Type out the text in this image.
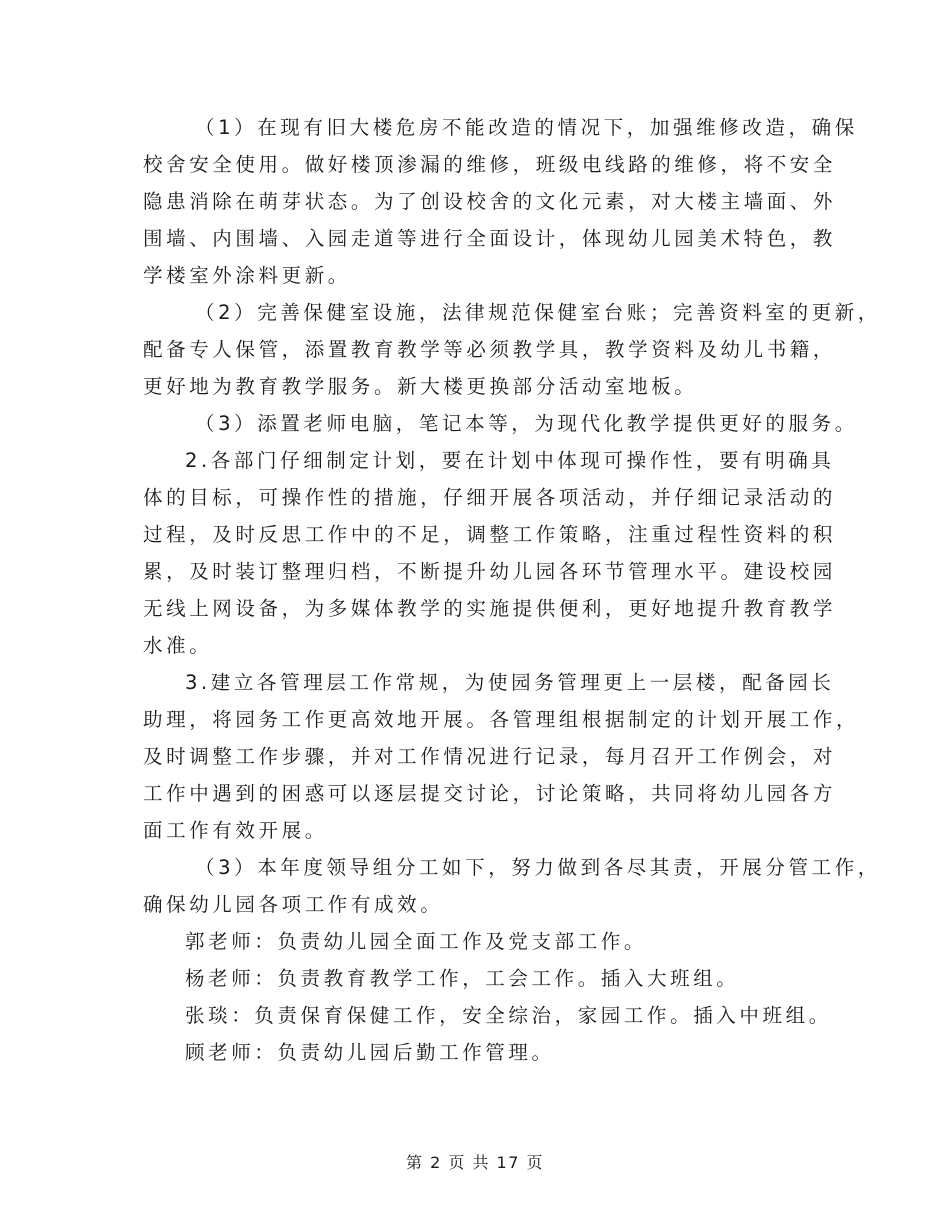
（1）在现有旧大楼危房不能改造的情况下，加强维修改造，确保
校舍安全使用。做好楼顶渗漏的维修，班级电线路的维修，将不安全
隐患消除在萌芽状态。为了创设校舍的文化元素，对大楼主墙面、外
围墙、内围墙、入园走道等进行全面设计，体现幼儿园美术特色，教
学楼室外涂料更新。
（2）完善保健室设施，法律规范保健室台账；完善资料室的更新，
配备专人保管，添置教育教学等必须教学具，教学资料及幼儿书籍，
更好地为教育教学服务。新大楼更换部分活动室地板。
（3）添置老师电脑，笔记本等，为现代化教学提供更好的服务。
2.各部门仔细制定计划，要在计划中体现可操作性，要有明确具
体的目标，可操作性的措施，仔细开展各项活动，并仔细记录活动的
过程，及时反思工作中的不足，调整工作策略，注重过程性资料的积
累，及时装订整理归档，不断提升幼儿园各环节管理水平。建设校园
无线上网设备，为多媒体教学的实施提供便利，更好地提升教育教学
水准。
3.建立各管理层工作常规，为使园务管理更上一层楼，配备园长
助理，将园务工作更高效地开展。各管理组根据制定的计划开展工作，
及时调整工作步骤，并对工作情况进行记录，每月召开工作例会，对
工作中遇到的困惑可以逐层提交讨论，讨论策略，共同将幼儿园各方
面工作有效开展。
（3）本年度领导组分工如下，努力做到各尽其责，开展分管工作，
确保幼儿园各项工作有成效。
郭老师：负责幼儿园全面工作及党支部工作。
杨老师：负责教育教学工作，工会工作。插入大班组。
张琰：负责保育保健工作，安全综治，家园工作。插入中班组。
顾老师：负责幼儿园后勤工作管理。
第 2 页 共 17 页
